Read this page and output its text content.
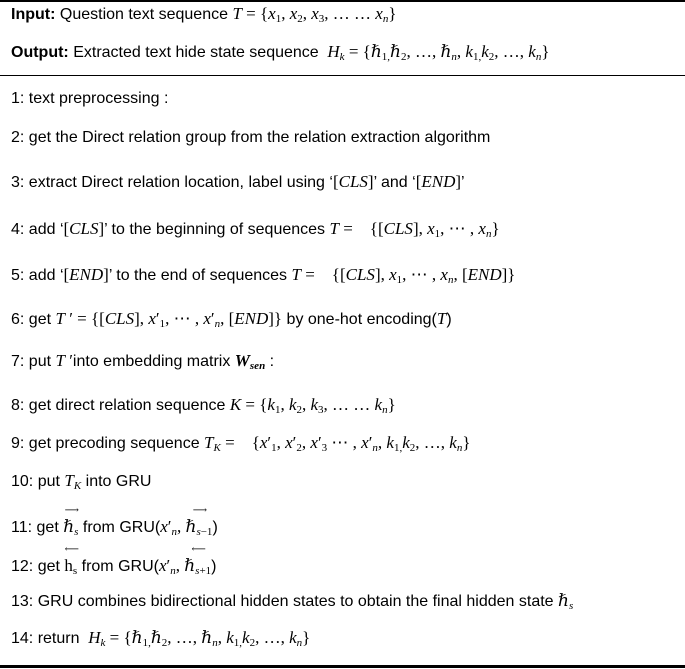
Input: Question text sequence $T = \{x_1$, $x_2$, $x_3$, … … $x_n$}
Output: Extracted text hide state sequence $H_k$ = {ℏ$_{1,}$ℏ$_2$, …, ℏ$_n$, $k_{1,}k_2$, …, $k_n$}
1: text preprocessing :
2: get the Direct relation group from the relation extraction algorithm
3: extract Direct relation location, label using ‘[CLS]’ and ‘[END]’
4: add ‘[CLS]’ to the beginning of sequences T =    {[CLS], $x_1$, ⋯ , $x_n$}
5: add ‘[END]’ to the end of sequences T =    {[CLS], $x_1$, ⋯ , $x_n$, [END]}
6: get T ′ = {[CLS], $x'_1$, ⋯ , $x'_n$, [END]} by one-hot encoding(T)
7: put T ′into embedding matrix $W_{sen}$ :
8: get direct relation sequence $K = \{k_1$, $k_2$, $k_3$, … … $k_n$}
9: get precoding sequence $T_K$ =    {$x'_1$, $x'_2$, $x'_3$ ⋯ , $x'_n$, $k_{1,}k_2$, …, $k_n$}
10: put $T_K$ into GRU
11: get
⟶
ℏ$_s$ from $GRU(x'_n$,
⟶
ℏ$_{s-1}$)
12: get
⟵
$h_s$ from $GRU(x'_n$,
⟵
ℏ$_{s+1}$)
13: GRU combines bidirectional hidden states to obtain the final hidden state ℏ$_s$
14: return  $H_k$ = {ℏ$_{1,}$ℏ$_2$, …, ℏ$_n$, $k_{1,}k_2$, …, $k_n$}
